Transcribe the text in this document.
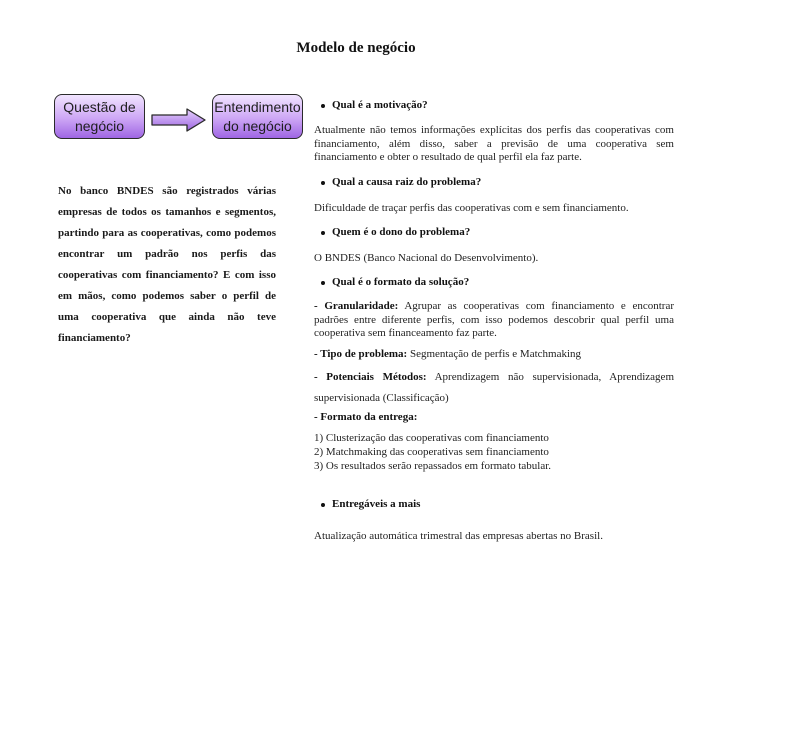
Modelo de negócio
Questão de
negócio
Entendimento
do negócio
No banco BNDES são registrados várias empresas de todos os tamanhos e segmentos, partindo para as cooperativas, como podemos encontrar um padrão nos perfis das cooperativas com financiamento? E com isso em mãos, como podemos saber o perfil de uma cooperativa que ainda não teve financiamento?
Qual é a motivação?
Atualmente não temos informações explícitas dos perfis das cooperativas com financiamento, além disso, saber a previsão de uma cooperativa sem financiamento e obter o resultado de qual perfil ela faz parte.
Qual a causa raiz do problema?
Dificuldade de traçar perfis das cooperativas com e sem financiamento.
Quem é o dono do problema?
O BNDES (Banco Nacional do Desenvolvimento).
Qual é o formato da solução?
- Granularidade: Agrupar as cooperativas com financiamento e encontrar padrões entre diferente perfis, com isso podemos descobrir qual perfil uma cooperativa sem financeamento faz parte.
- Tipo de problema: Segmentação de perfis e Matchmaking
- Potenciais Métodos: Aprendizagem não supervisionada, Aprendizagem supervisionada (Classificação)
- Formato da entrega:
1) Clusterização das cooperativas com financiamento
2) Matchmaking das cooperativas sem financiamento
3) Os resultados serão repassados em formato tabular.
Entregáveis a mais
Atualização automática trimestral das empresas abertas no Brasil.
